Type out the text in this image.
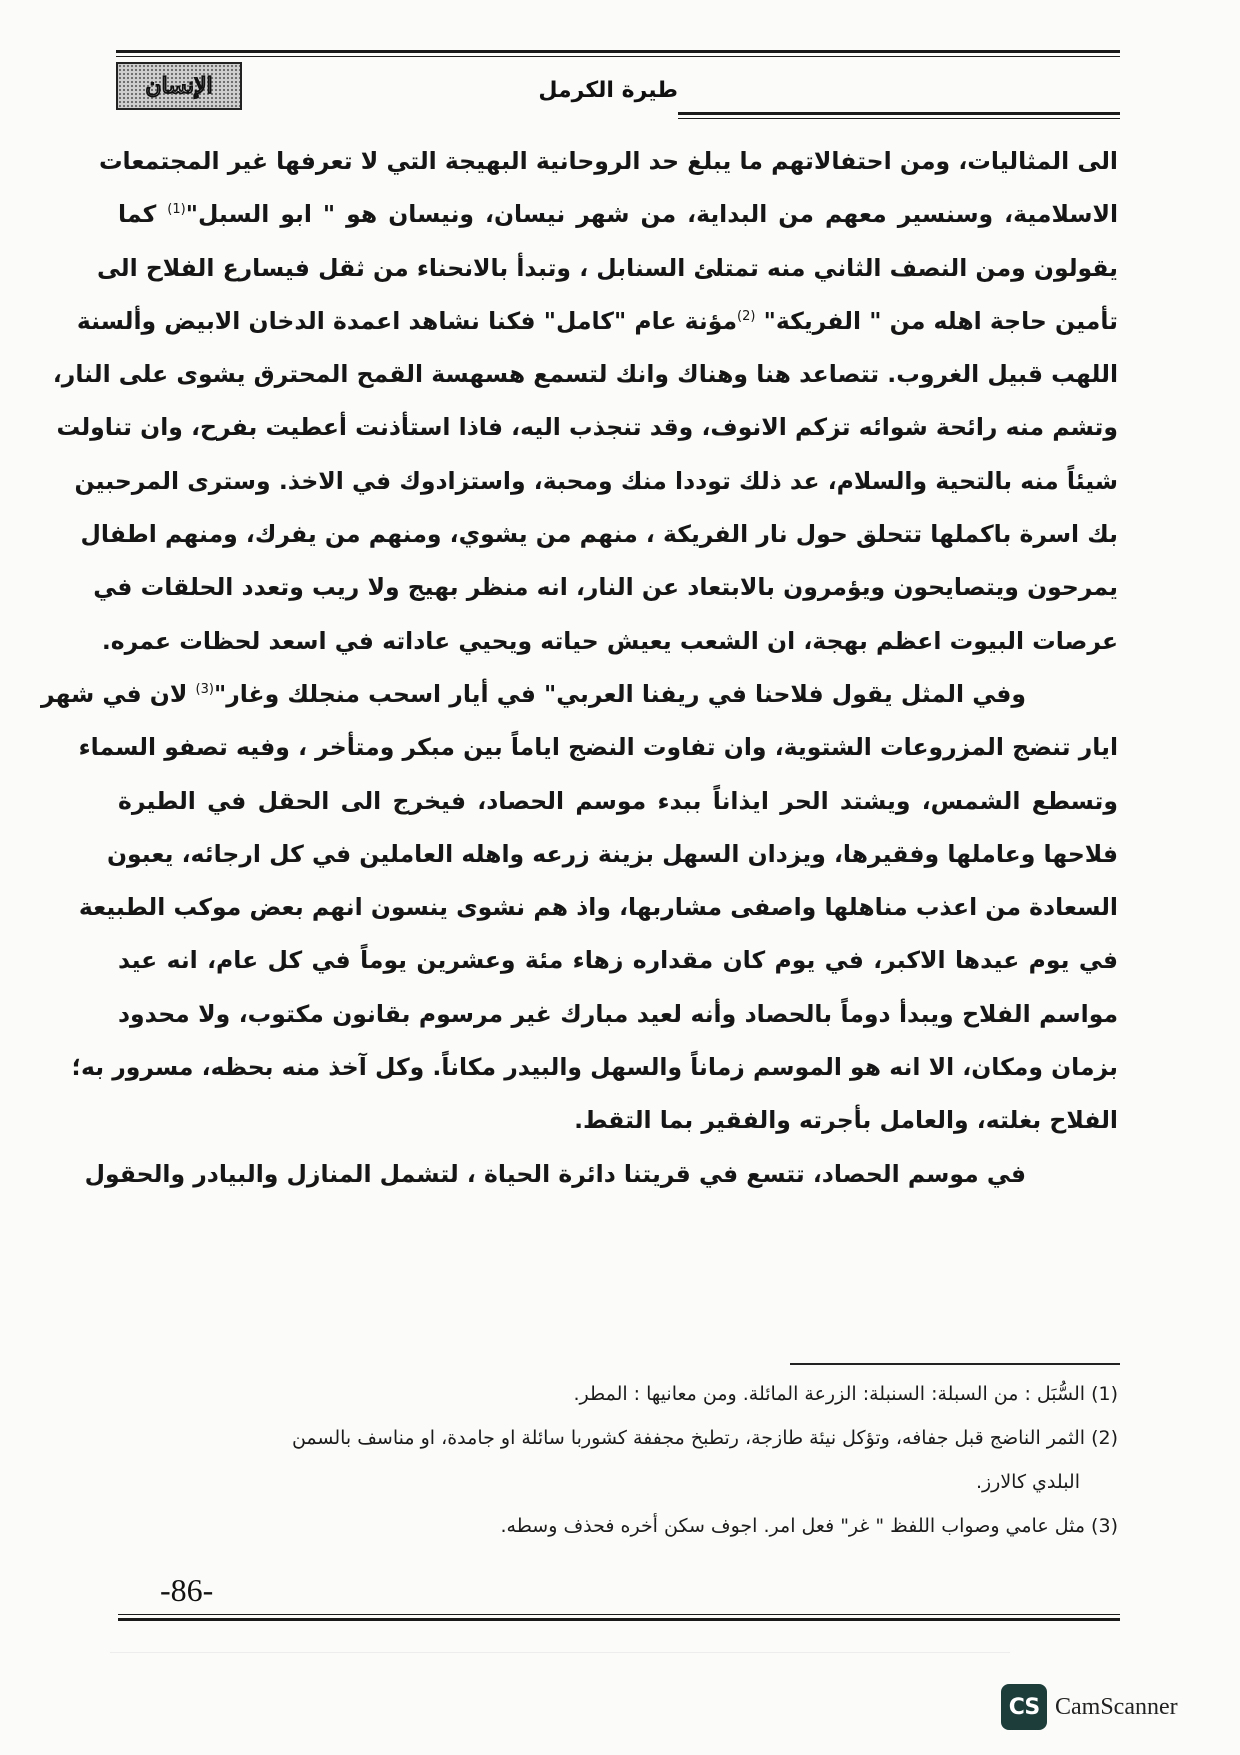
الإنسان	طيرة الكرمل
الى المثاليات، ومن احتفالاتهم ما يبلغ حد الروحانية البهيجة التي لا تعرفها غير المجتمعات
الاسلامية، وسنسير معهم من البداية، من شهر نيسان، ونيسان هو " ابو السبل"$^{(1)}$ كما
يقولون ومن النصف الثاني منه تمتلئ السنابل ، وتبدأ بالانحناء من ثقل فيسارع الفلاح الى
تأمين حاجة اهله من " الفريكة" $^{(2)}$مؤنة عام "كامل" فكنا نشاهد اعمدة الدخان الابيض وألسنة
اللهب قبيل الغروب. تتصاعد هنا وهناك وانك لتسمع هسهسة القمح المحترق يشوى على النار،
وتشم منه رائحة شوائه تزكم الانوف، وقد تنجذب اليه، فاذا استأذنت أعطيت بفرح، وان تناولت
شيئاً منه بالتحية والسلام، عد ذلك توددا منك ومحبة، واستزادوك في الاخذ. وسترى المرحبين
بك اسرة باكملها تتحلق حول نار الفريكة ، منهم من يشوي، ومنهم من يفرك، ومنهم اطفال
يمرحون ويتصايحون ويؤمرون بالابتعاد عن النار، انه منظر بهيج ولا ريب وتعدد الحلقات في
عرصات البيوت اعظم بهجة، ان الشعب يعيش حياته ويحيي عاداته في اسعد لحظات عمره.
وفي المثل يقول فلاحنا في ريفنا العربي" في أيار اسحب منجلك وغار"$^{(3)}$ لان في شهر
ايار تنضج المزروعات الشتوية، وان تفاوت النضج اياماً بين مبكر ومتأخر ، وفيه تصفو السماء
وتسطع الشمس، ويشتد الحر ايذاناً ببدء موسم الحصاد، فيخرج الى الحقل في الطيرة
فلاحها وعاملها وفقيرها، ويزدان السهل بزينة زرعه واهله العاملين في كل ارجائه، يعبون
السعادة من اعذب مناهلها واصفى مشاربها، واذ هم نشوى ينسون انهم بعض موكب الطبيعة
في يوم عيدها الاكبر، في يوم كان مقداره زهاء مئة وعشرين يوماً في كل عام، انه عيد
مواسم الفلاح ويبدأ دوماً بالحصاد وأنه لعيد مبارك غير مرسوم بقانون مكتوب، ولا محدود
بزمان ومكان، الا انه هو الموسم زماناً والسهل والبيدر مكاناً. وكل آخذ منه بحظه، مسرور به؛
الفلاح بغلته، والعامل بأجرته والفقير بما التقط.
في موسم الحصاد، تتسع في قريتنا دائرة الحياة ، لتشمل المنازل والبيادر والحقول
(1) السُّبَل : من السبلة: السنبلة: الزرعة المائلة. ومن معانيها : المطر.
(2) الثمر الناضج قبل جفافه، وتؤكل نيئة طازجة، رتطبخ مجففة كشوربا سائلة او جامدة، او مناسف بالسمن
البلدي كالارز.
(3) مثل عامي وصواب اللفظ " غر" فعل امر. اجوف سكن أخره فحذف وسطه.
-86-
CS CamScanner
